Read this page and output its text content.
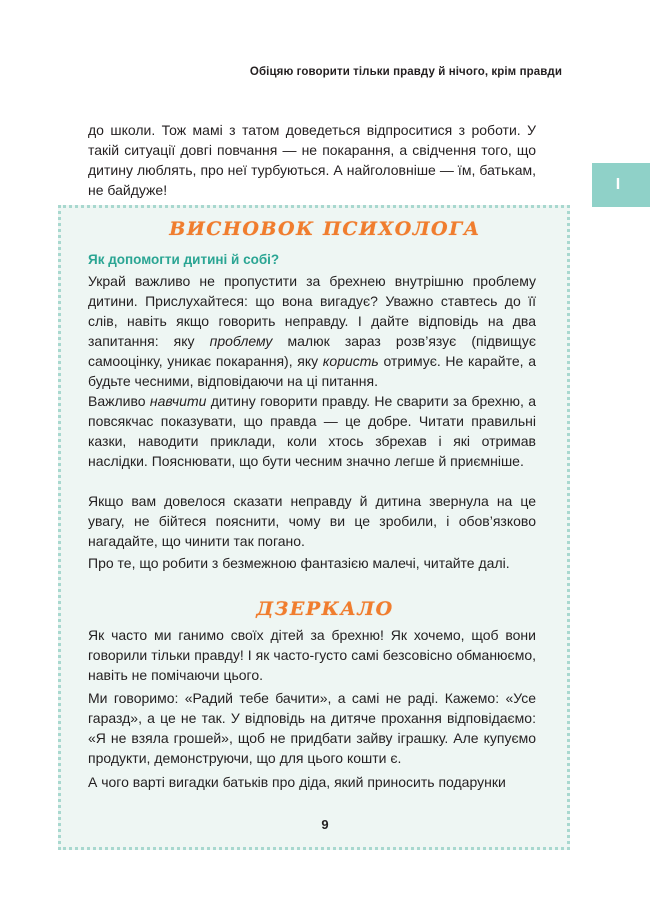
Обіцяю говорити тільки правду й нічого, крім правди
I

до школи. Тож мамі з татом доведеться відпроситися з роботи. У такій ситуації довгі повчання — не покарання, а свідчення того, що дитину люблять, про неї турбуються. А найголовніше — їм, батькам, не байдуже!

ВИСНОВОК ПСИХОЛОГА
Як допомогти дитині й собі?

Украй важливо не пропустити за брехнею внутрішню проблему дитини. Прислухайтеся: що вона вигадує? Уважно ставтесь до її слів, навіть якщо говорить неправду. І дайте відповідь на два запитання: яку проблему малюк зараз розв’язує (підвищує самооцінку, уникає покарання), яку користь отримує. Не карайте, а будьте чесними, відповідаючи на ці питання.

Важливо навчити дитину говорити правду. Не сварити за брехню, а повсякчас показувати, що правда — це добре. Читати правильні казки, наводити приклади, коли хтось збрехав і які отримав наслідки. Пояснювати, що бути чесним значно легше й приємніше.

Якщо вам довелося сказати неправду й дитина звернула на це увагу, не бійтеся пояснити, чому ви це зробили, і обов’язково нагадайте, що чинити так погано.

Про те, що робити з безмежною фантазією малечі, читайте далі.

ДЗЕРКАЛО

Як часто ми ганимо своїх дітей за брехню! Як хочемо, щоб вони говорили тільки правду! І як часто-густо самі безсовісно обманюємо, навіть не помічаючи цього.

Ми говоримо: «Радий тебе бачити», а самі не раді. Кажемо: «Усе гаразд», а це не так. У відповідь на дитяче прохання відповідаємо: «Я не взяла грошей», щоб не придбати зайву іграшку. Але купуємо продукти, демонструючи, що для цього кошти є.

А чого варті вигадки батьків про діда, який приносить подарунки

9
